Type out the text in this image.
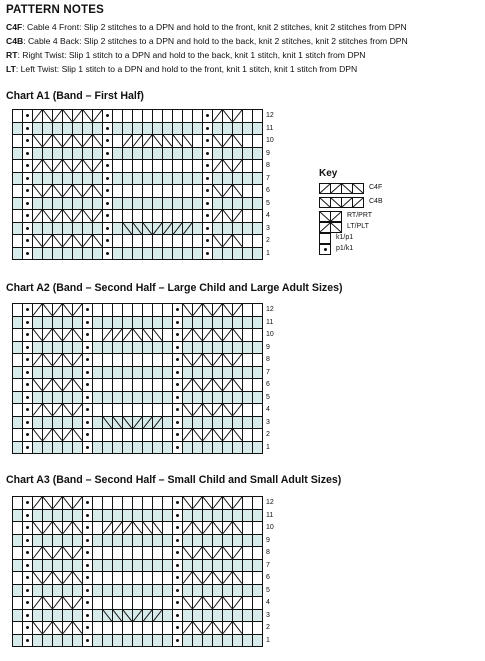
PATTERN NOTES

C4F: Cable 4 Front: Slip 2 stitches to a DPN and hold to the front, knit 2 stitches, knit 2 stitches from DPN

C4B: Cable 4 Back: Slip 2 stitches to a DPN and hold to the back, knit 2 stitches, knit 2 stitches from DPN

RT: Right Twist: Slip 1 stitch to a DPN and hold to the back, knit 1 stitch, knit 1 stitch from DPN

LT: Left Twist: Slip 1 stitch to a DPN and hold to the front, knit 1 stitch, knit 1 stitch from DPN

Chart A1 (Band – First Half)
12
11
10
9
8
7
6
5
4
3
2
1
Chart A2 (Band – Second Half – Large Child and Large Adult Sizes)
12
11
10
9
8
7
6
5
4
3
2
1
Chart A3 (Band – Second Half – Small Child and Small Adult Sizes)
12
11
10
9
8
7
6
5
4
3
2
1
Key
C4F
C4B
RT/PRT
LT/PLT
k1/p1
p1/k1
